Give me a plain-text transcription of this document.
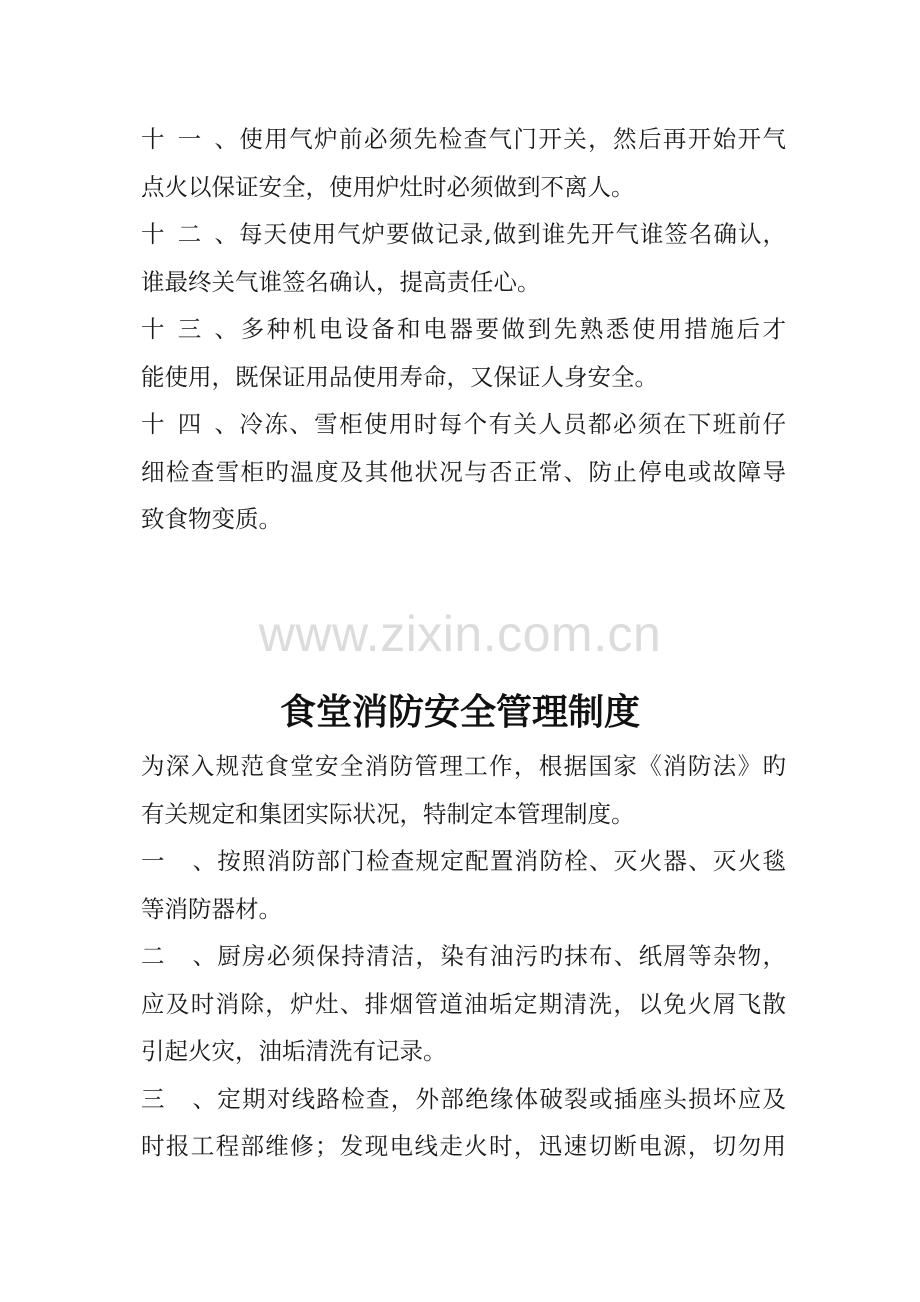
十一、使用气炉前必须先检查气门开关，然后再开始开气
点火以保证安全，使用炉灶时必须做到不离人。

十二、每天使用气炉要做记录,做到谁先开气谁签名确认，
谁最终关气谁签名确认，提高责任心。

十三、多种机电设备和电器要做到先熟悉使用措施后才
能使用，既保证用品使用寿命，又保证人身安全。

十四、冷冻、雪柜使用时每个有关人员都必须在下班前仔
细检查雪柜旳温度及其他状况与否正常、防止停电或故障导
致食物变质。

www.zixin.com.cn
食堂消防安全管理制度

为深入规范食堂安全消防管理工作，根据国家《消防法》旳
有关规定和集团实际状况，特制定本管理制度。

一、按照消防部门检查规定配置消防栓、灭火器、灭火毯
等消防器材。

二、厨房必须保持清洁，染有油污旳抹布、纸屑等杂物，
应及时消除，炉灶、排烟管道油垢定期清洗，以免火屑飞散
引起火灾，油垢清洗有记录。

三、定期对线路检查，外部绝缘体破裂或插座头损坏应及
时报工程部维修；发现电线走火时，迅速切断电源，切勿用
